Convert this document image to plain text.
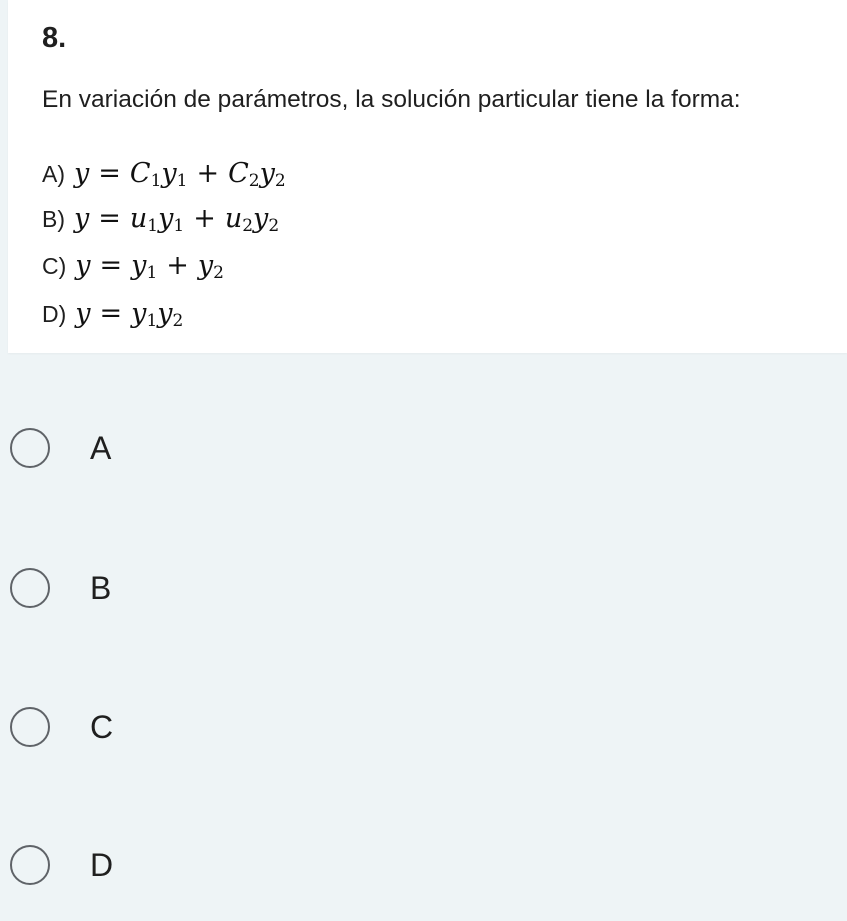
8.
En variación de parámetros, la solución particular tiene la forma:
A) $y = C_1y_1 + C_2y_2$
B) $y = u_1y_1 + u_2y_2$
C) $y = y_1 + y_2$
D) $y = y_1y_2$
A
B
C
D
